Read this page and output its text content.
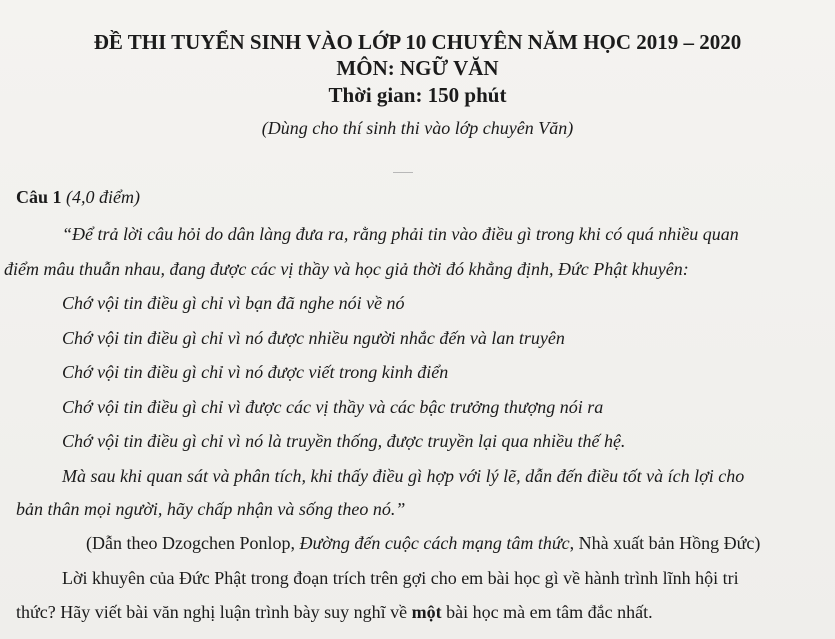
ĐỀ THI TUYỂN SINH VÀO LỚP 10 CHUYÊN NĂM HỌC 2019 – 2020
MÔN: NGỮ VĂN
Thời gian: 150 phút
(Dùng cho thí sinh thi vào lớp chuyên Văn)
Câu 1 (4,0 điểm)
“Để trả lời câu hỏi do dân làng đưa ra, rằng phải tin vào điều gì trong khi có quá nhiều quan
điểm mâu thuẫn nhau, đang được các vị thầy và học giả thời đó khẳng định, Đức Phật khuyên:
Chớ vội tin điều gì chỉ vì bạn đã nghe nói về nó
Chớ vội tin điều gì chỉ vì nó được nhiều người nhắc đến và lan truyên
Chớ vội tin điều gì chỉ vì nó được viết trong kinh điển
Chớ vội tin điều gì chỉ vì được các vị thầy và các bậc trưởng thượng nói ra
Chớ vội tin điều gì chỉ vì nó là truyền thống, được truyền lại qua nhiều thế hệ.
Mà sau khi quan sát và phân tích, khi thấy điều gì hợp với lý lẽ, dẫn đến điều tốt và ích lợi cho
bản thân mọi người, hãy chấp nhận và sống theo nó.”
(Dẫn theo Dzogchen Ponlop, Đường đến cuộc cách mạng tâm thức, Nhà xuất bản Hồng Đức)
Lời khuyên của Đức Phật trong đoạn trích trên gợi cho em bài học gì về hành trình lĩnh hội tri
thức? Hãy viết bài văn nghị luận trình bày suy nghĩ về một bài học mà em tâm đắc nhất.
